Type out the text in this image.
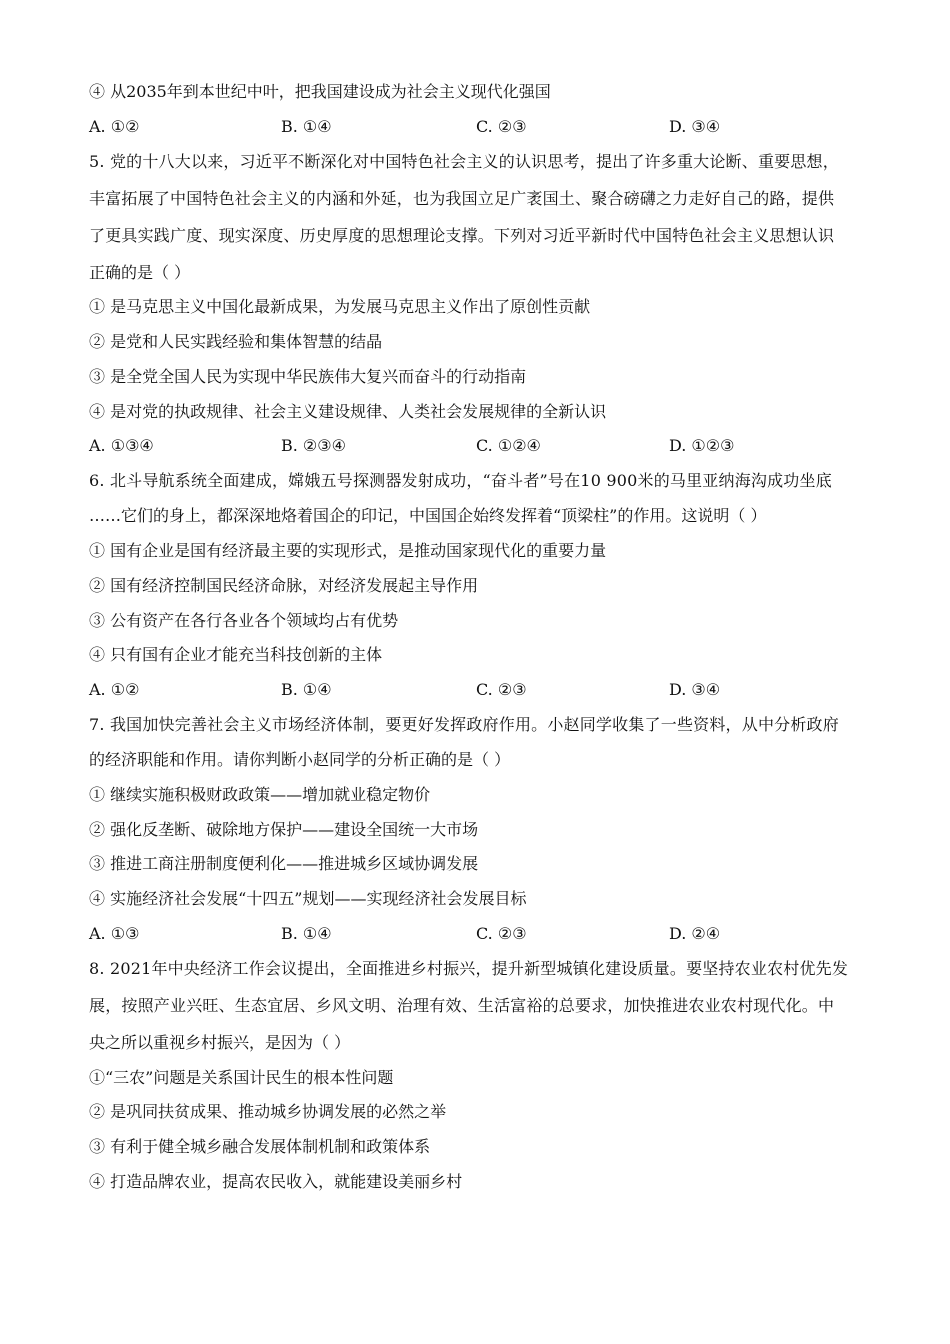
④ 从2035年到本世纪中叶，把我国建设成为社会主义现代化强国
A. ①②	B. ①④	C. ②③	D. ③④
5. 党的十八大以来，习近平不断深化对中国特色社会主义的认识思考，提出了许多重大论断、重要思想，
丰富拓展了中国特色社会主义的内涵和外延，也为我国立足广袤国土、聚合磅礴之力走好自己的路，提供
了更具实践广度、现实深度、历史厚度的思想理论支撑。下列对习近平新时代中国特色社会主义思想认识
正确的是（ ）
① 是马克思主义中国化最新成果，为发展马克思主义作出了原创性贡献
② 是党和人民实践经验和集体智慧的结晶
③ 是全党全国人民为实现中华民族伟大复兴而奋斗的行动指南
④ 是对党的执政规律、社会主义建设规律、人类社会发展规律的全新认识
A. ①③④	B. ②③④	C. ①②④	D. ①②③
6. 北斗导航系统全面建成，嫦娥五号探测器发射成功，“奋斗者”号在10 900米的马里亚纳海沟成功坐底
……它们的身上，都深深地烙着国企的印记，中国国企始终发挥着“顶梁柱”的作用。这说明（ ）
① 国有企业是国有经济最主要的实现形式，是推动国家现代化的重要力量
② 国有经济控制国民经济命脉，对经济发展起主导作用
③ 公有资产在各行各业各个领域均占有优势
④ 只有国有企业才能充当科技创新的主体
A. ①②	B. ①④	C. ②③	D. ③④
7. 我国加快完善社会主义市场经济体制，要更好发挥政府作用。小赵同学收集了一些资料，从中分析政府
的经济职能和作用。请你判断小赵同学的分析正确的是（ ）
① 继续实施积极财政政策——增加就业稳定物价
② 强化反垄断、破除地方保护——建设全国统一大市场
③ 推进工商注册制度便利化——推进城乡区域协调发展
④ 实施经济社会发展“十四五”规划——实现经济社会发展目标
A. ①③	B. ①④	C. ②③	D. ②④
8. 2021年中央经济工作会议提出，全面推进乡村振兴，提升新型城镇化建设质量。要坚持农业农村优先发
展，按照产业兴旺、生态宜居、乡风文明、治理有效、生活富裕的总要求，加快推进农业农村现代化。中
央之所以重视乡村振兴，是因为（ ）
①“三农”问题是关系国计民生的根本性问题
② 是巩同扶贫成果、推动城乡协调发展的必然之举
③ 有利于健全城乡融合发展体制机制和政策体系
④ 打造品牌农业，提高农民收入，就能建设美丽乡村
